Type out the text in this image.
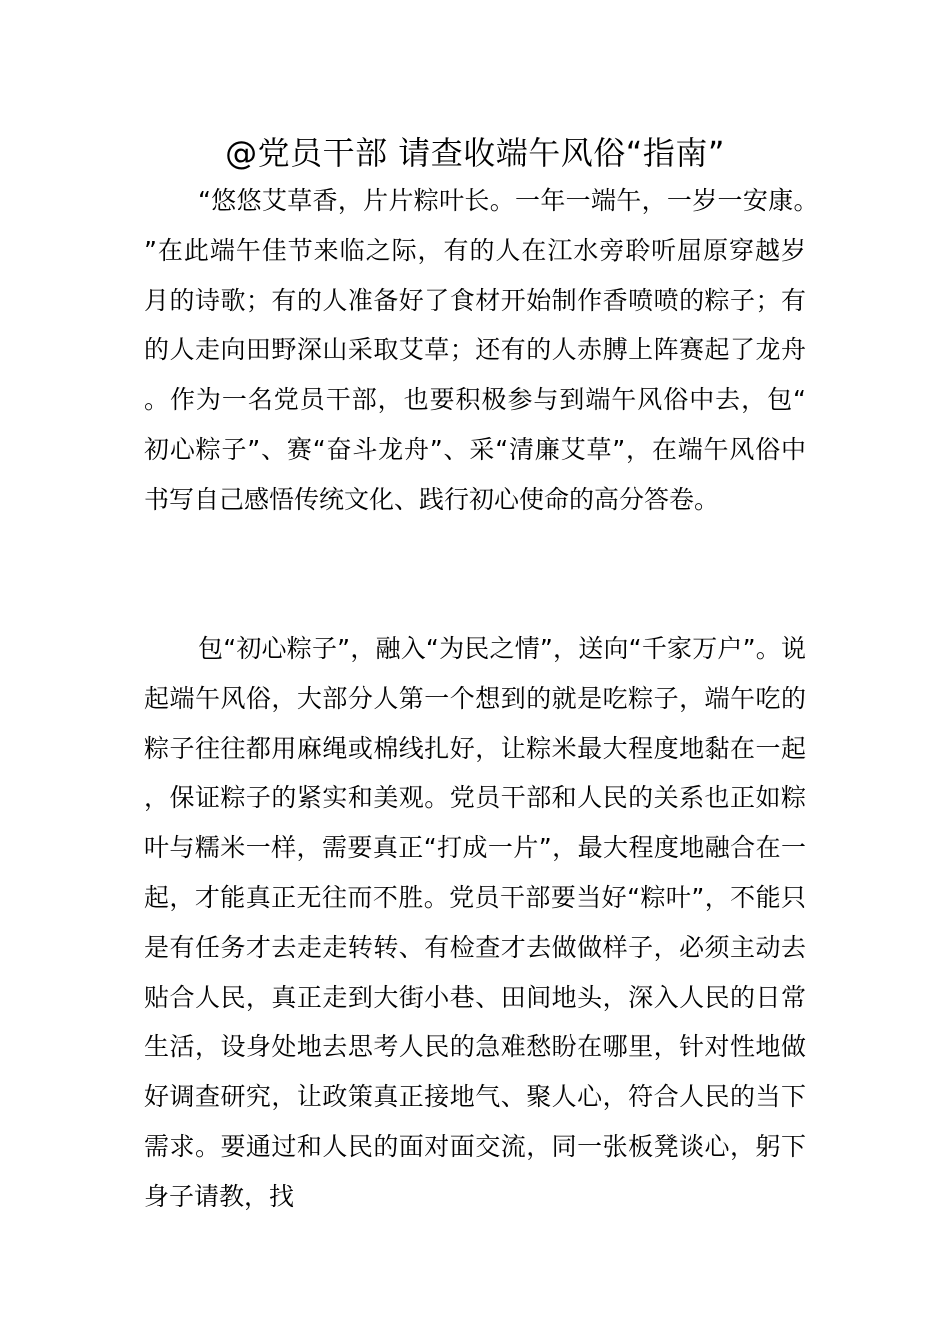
@党员干部 请查收端午风俗“指南”

“悠悠艾草香，片片粽叶长。一年一端午，一岁一安康。”在此端午佳节来临之际，有的人在江水旁聆听屈原穿越岁月的诗歌；有的人准备好了食材开始制作香喷喷的粽子；有的人走向田野深山采取艾草；还有的人赤膊上阵赛起了龙舟。作为一名党员干部，也要积极参与到端午风俗中去，包“初心粽子”、赛“奋斗龙舟”、采“清廉艾草”，在端午风俗中书写自己感悟传统文化、践行初心使命的高分答卷。

包“初心粽子”，融入“为民之情”，送向“千家万户”。说起端午风俗，大部分人第一个想到的就是吃粽子，端午吃的粽子往往都用麻绳或棉线扎好，让粽米最大程度地黏在一起，保证粽子的紧实和美观。党员干部和人民的关系也正如粽叶与糯米一样，需要真正“打成一片”，最大程度地融合在一起，才能真正无往而不胜。党员干部要当好“粽叶”，不能只是有任务才去走走转转、有检查才去做做样子，必须主动去贴合人民，真正走到大街小巷、田间地头，深入人民的日常生活，设身处地去思考人民的急难愁盼在哪里，针对性地做好调查研究，让政策真正接地气、聚人心，符合人民的当下需求。要通过和人民的面对面交流，同一张板凳谈心，躬下身子请教，找
